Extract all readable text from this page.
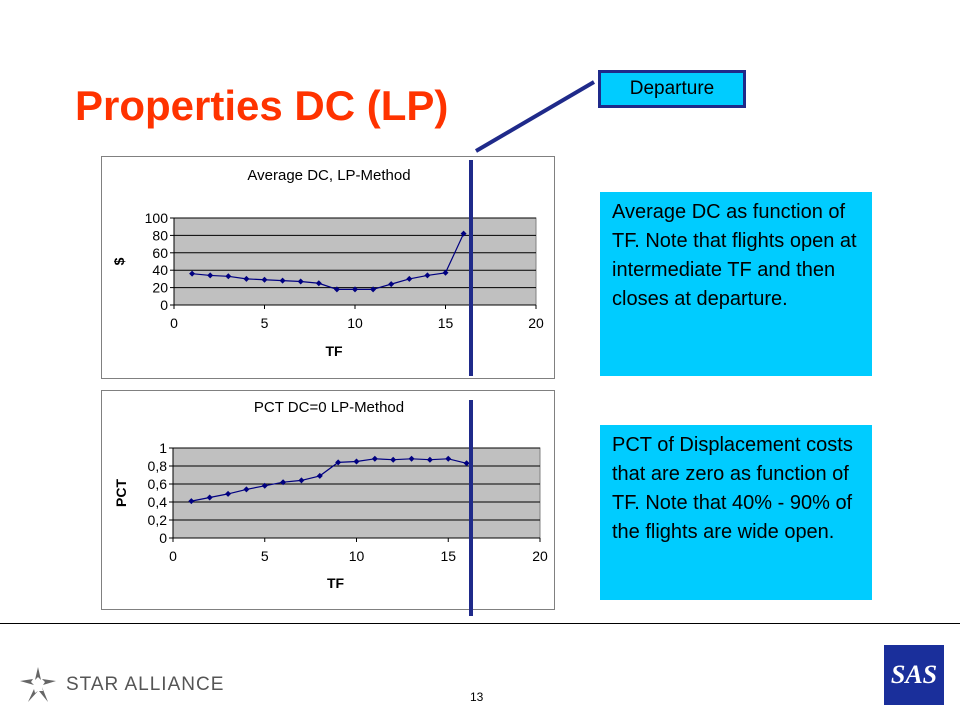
Properties DC (LP)	Departure
Average DC, LP-Method
0
20
40
60
80
100
0	5	10	15	20
TF
$
PCT DC=0 LP-Method
0
0,2
0,4
0,6
0,8
1
0	5	10	15	20
TF
PCT
Average DC as function of TF. Note that flights open at intermediate TF and then closes at departure.
PCT of Displacement costs that are zero as function of TF. Note that 40% - 90% of the flights are wide open.
STAR ALLIANCE
13
SAS
